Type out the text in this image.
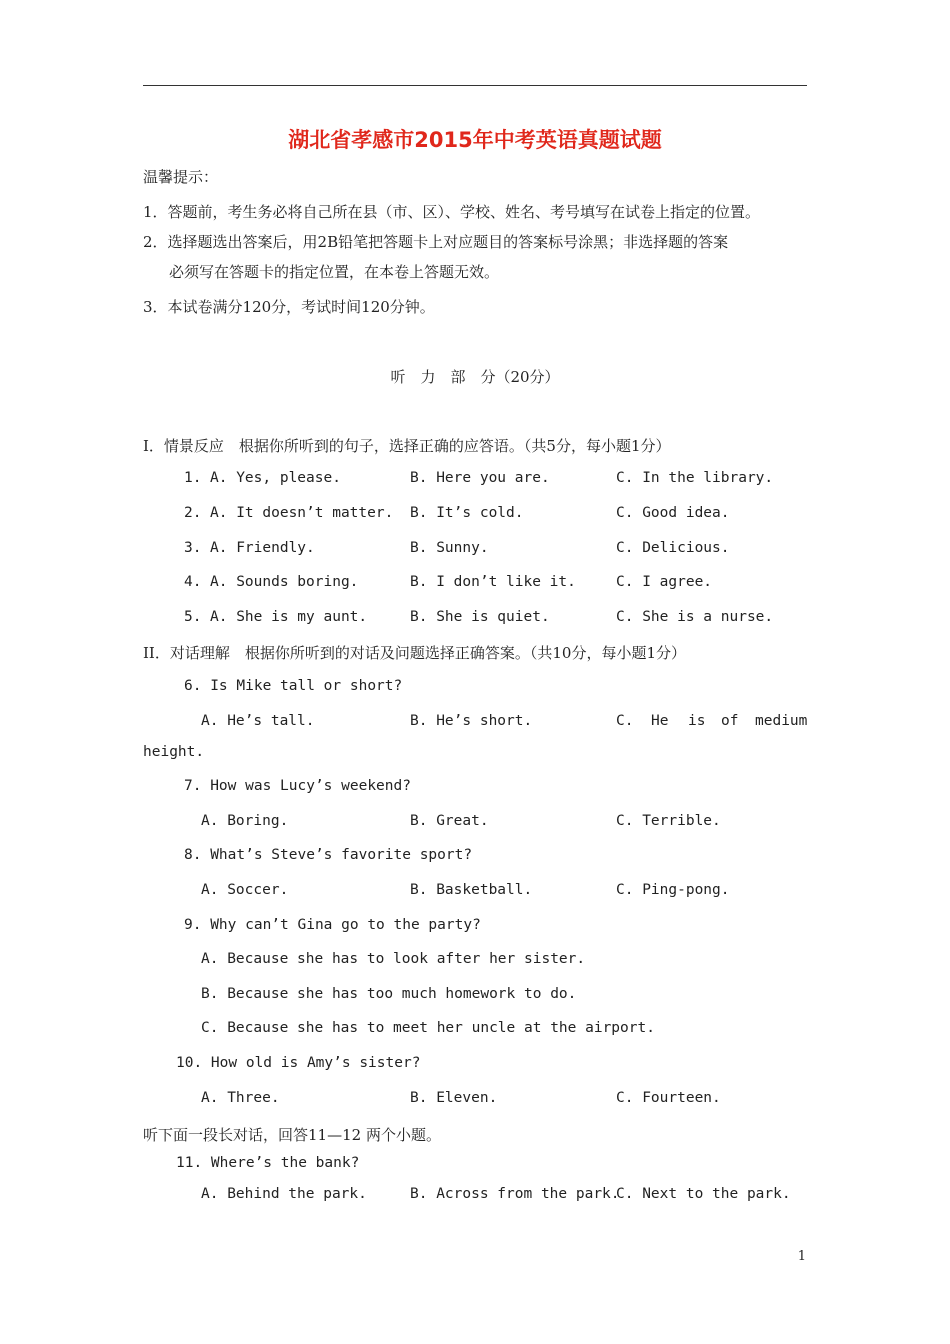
湖北省孝感市2015年中考英语真题试题
温馨提示：
1．答题前，考生务必将自己所在县（市、区）、学校、姓名、考号填写在试卷上指定的位置。
2．选择题选出答案后，用2B铅笔把答题卡上对应题目的答案标号涂黑；非选择题的答案
必须写在答题卡的指定位置，在本卷上答题无效。
3．本试卷满分120分，考试时间120分钟。
听　力　部　分（20分）
I．情景反应　根据你所听到的句子，选择正确的应答语。（共5分，每小题1分）
1. A. Yes, please.	B. Here you are.	C. In the library.
2. A. It doesn’t matter. B. It’s cold.	C. Good idea.
3. A. Friendly.	B. Sunny.	C. Delicious.
4. A. Sounds boring.	B. I don’t like it.	C. I agree.
5. A. She is my aunt.	B. She is quiet.	C. She is a nurse.
II．对话理解　根据你所听到的对话及问题选择正确答案。（共10分，每小题1分）
6. Is Mike tall or short?
A. He’s tall.	B. He’s short.	C. He is of medium
height.
7. How was Lucy’s weekend?
A. Boring.	B. Great.	C. Terrible.
8. What’s Steve’s favorite sport?
A. Soccer.	B. Basketball.	C. Ping-pong.
9. Why can’t Gina go to the party?
A. Because she has to look after her sister.
B. Because she has too much homework to do.
C. Because she has to meet her uncle at the airport.
10. How old is Amy’s sister?
A. Three.	B. Eleven.	C. Fourteen.
听下面一段长对话，回答11—12 两个小题。
11. Where’s the bank?
A. Behind the park.	B. Across from the park.
C. Next to the park.
1
